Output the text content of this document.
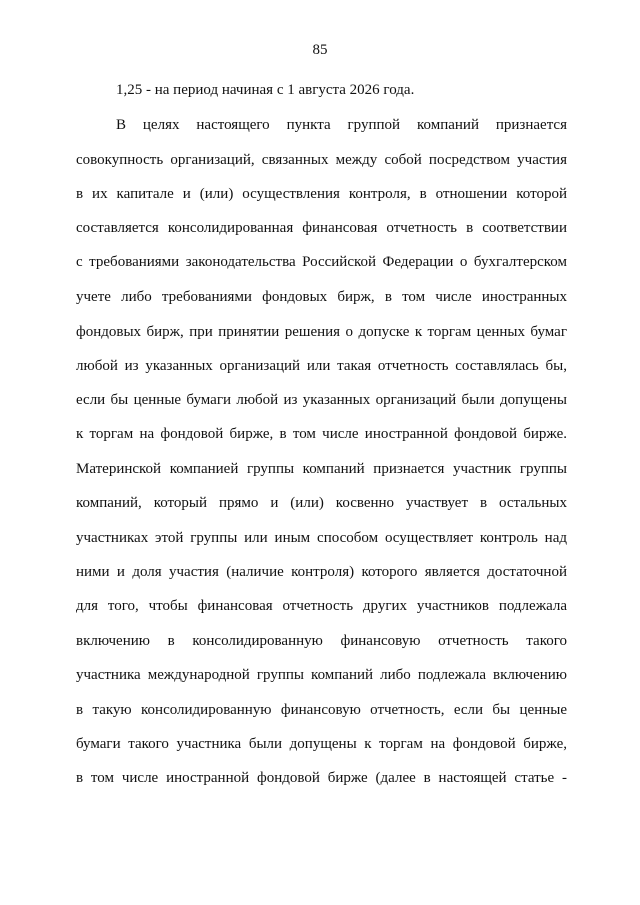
85
1,25 - на период начиная с 1 августа 2026 года.
В целях настоящего пункта группой компаний признается
совокупность организаций, связанных между собой посредством участия
в их капитале и (или) осуществления контроля, в отношении которой
составляется консолидированная финансовая отчетность в соответствии
с требованиями законодательства Российской Федерации о бухгалтерском
учете либо требованиями фондовых бирж, в том числе иностранных
фондовых бирж, при принятии решения о допуске к торгам ценных бумаг
любой из указанных организаций или такая отчетность составлялась бы,
если бы ценные бумаги любой из указанных организаций были допущены
к торгам на фондовой бирже, в том числе иностранной фондовой бирже.
Материнской компанией группы компаний признается участник группы
компаний, который прямо и (или) косвенно участвует в остальных
участниках этой группы или иным способом осуществляет контроль над
ними и доля участия (наличие контроля) которого является достаточной
для того, чтобы финансовая отчетность других участников подлежала
включению в консолидированную финансовую отчетность такого
участника международной группы компаний либо подлежала включению
в такую консолидированную финансовую отчетность, если бы ценные
бумаги такого участника были допущены к торгам на фондовой бирже,
в том числе иностранной фондовой бирже (далее в настоящей статье -
